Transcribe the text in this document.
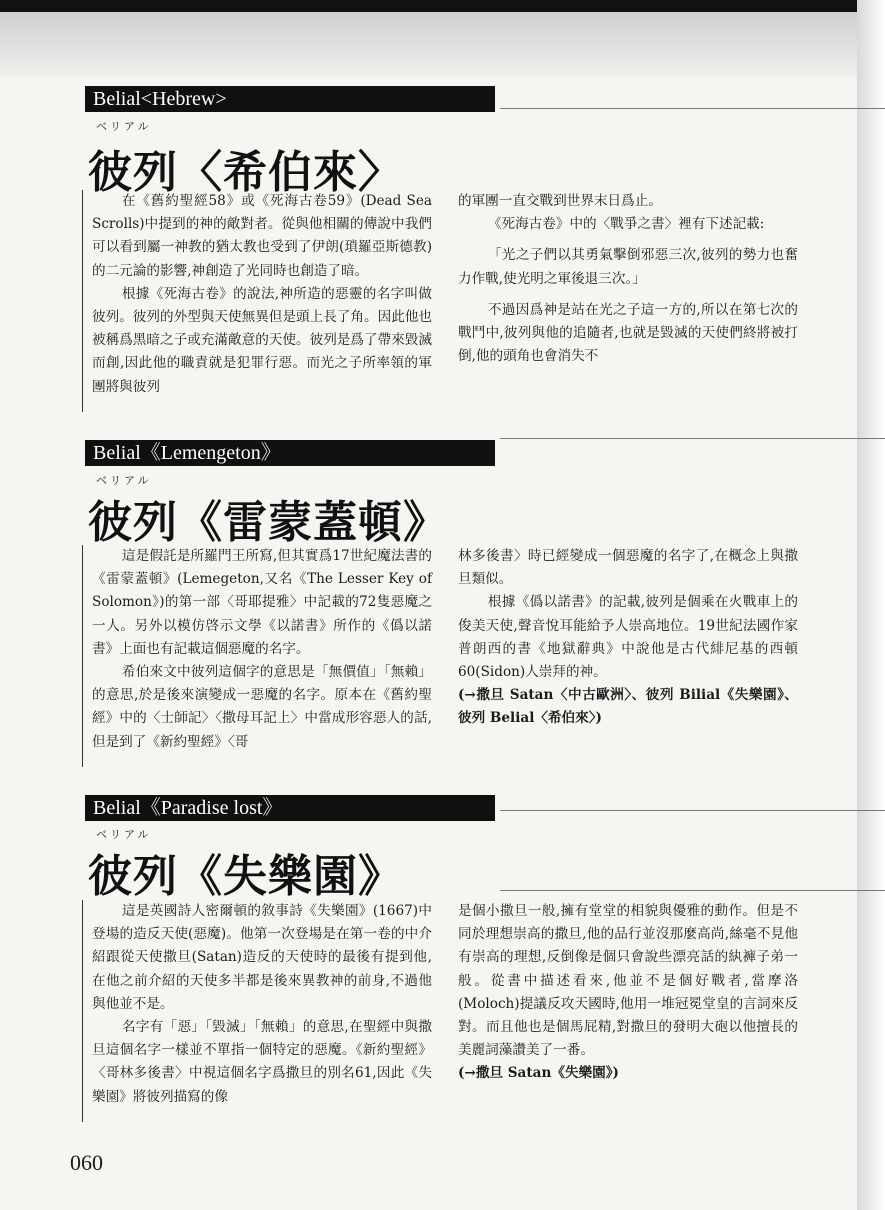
Belial<Hebrew>
ベリアル
彼列〈希伯來〉

在《舊約聖經58》或《死海古卷59》(Dead Sea Scrolls)中提到的神的敵對者。從與他相關的傳說中我們可以看到屬一神教的猶太教也受到了伊朗(瑣羅亞斯德教)的二元論的影響,神創造了光同時也創造了暗。

根據《死海古卷》的說法,神所造的惡靈的名字叫做彼列。彼列的外型與天使無異但是頭上長了角。因此他也被稱爲黑暗之子或充滿敵意的天使。彼列是爲了帶來毀滅而創,因此他的職責就是犯罪行惡。而光之子所率領的軍團將與彼列

的軍團一直交戰到世界末日爲止。

《死海古卷》中的〈戰爭之書〉裡有下述記載:

「光之子們以其勇氣擊倒邪惡三次,彼列的勢力也奮力作戰,使光明之軍後退三次。」

不過因爲神是站在光之子這一方的,所以在第七次的戰鬥中,彼列與他的追隨者,也就是毀滅的天使們終將被打倒,他的頭角也會消失不

Belial《Lemengeton》
ベリアル
彼列《雷蒙蓋頓》

這是假託是所羅門王所寫,但其實爲17世紀魔法書的《雷蒙蓋頓》(Lemegeton,又名《The Lesser Key of Solomon》)的第一部〈哥耶提雅〉中記載的72隻惡魔之一人。另外以模仿啓示文學《以諾書》所作的《僞以諾書》上面也有記載這個惡魔的名字。

希伯來文中彼列這個字的意思是「無價值」「無賴」的意思,於是後來演變成一惡魔的名字。原本在《舊約聖經》中的〈士師記〉〈撒母耳記上〉中當成形容惡人的話,但是到了《新約聖經》〈哥

林多後書〉時已經變成一個惡魔的名字了,在概念上與撒旦類似。

根據《僞以諾書》的記載,彼列是個乘在火戰車上的俊美天使,聲音悅耳能給予人崇高地位。19世紀法國作家普朗西的書《地獄辭典》中說他是古代緋尼基的西頓60(Sidon)人崇拜的神。

(→撒旦 Satan〈中古歐洲〉、彼列 Bilial《失樂園》、彼列 Belial〈希伯來〉)

Belial《Paradise lost》
ベリアル
彼列《失樂園》

這是英國詩人密爾頓的敘事詩《失樂園》(1667)中登場的造反天使(惡魔)。他第一次登場是在第一卷的中介紹跟從天使撒旦(Satan)造反的天使時的最後有提到他,在他之前介紹的天使多半都是後來異教神的前身,不過他與他並不是。

名字有「惡」「毀滅」「無賴」的意思,在聖經中與撒旦這個名字一樣並不單指一個特定的惡魔。《新約聖經》〈哥林多後書〉中視這個名字爲撒旦的別名61,因此《失樂園》將彼列描寫的像

是個小撒旦一般,擁有堂堂的相貌與優雅的動作。但是不同於理想崇高的撒旦,他的品行並沒那麼高尚,絲毫不見他有崇高的理想,反倒像是個只會說些漂亮話的紈褲子弟一般。從書中描述看來,他並不是個好戰者,當摩洛(Moloch)提議反攻天國時,他用一堆冠冕堂皇的言詞來反對。而且他也是個馬屁精,對撒旦的發明大砲以他擅長的美麗詞藻讚美了一番。

(→撒旦 Satan《失樂園》)

060
